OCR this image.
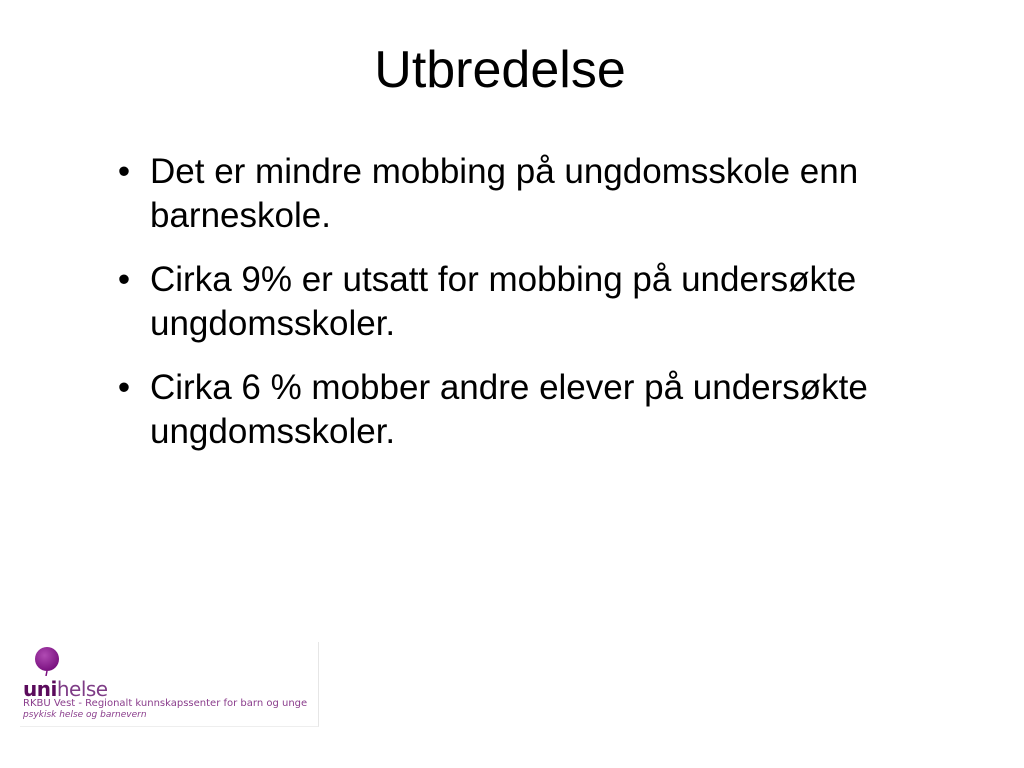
Utbredelse
• Det er mindre mobbing på ungdomsskole enn barneskole.
• Cirka 9% er utsatt for mobbing på undersøkte ungdomsskoler.
• Cirka 6 % mobber andre elever på undersøkte ungdomsskoler.
unihelse
RKBU Vest - Regionalt kunnskapssenter for barn og unge
psykisk helse og barnevern
